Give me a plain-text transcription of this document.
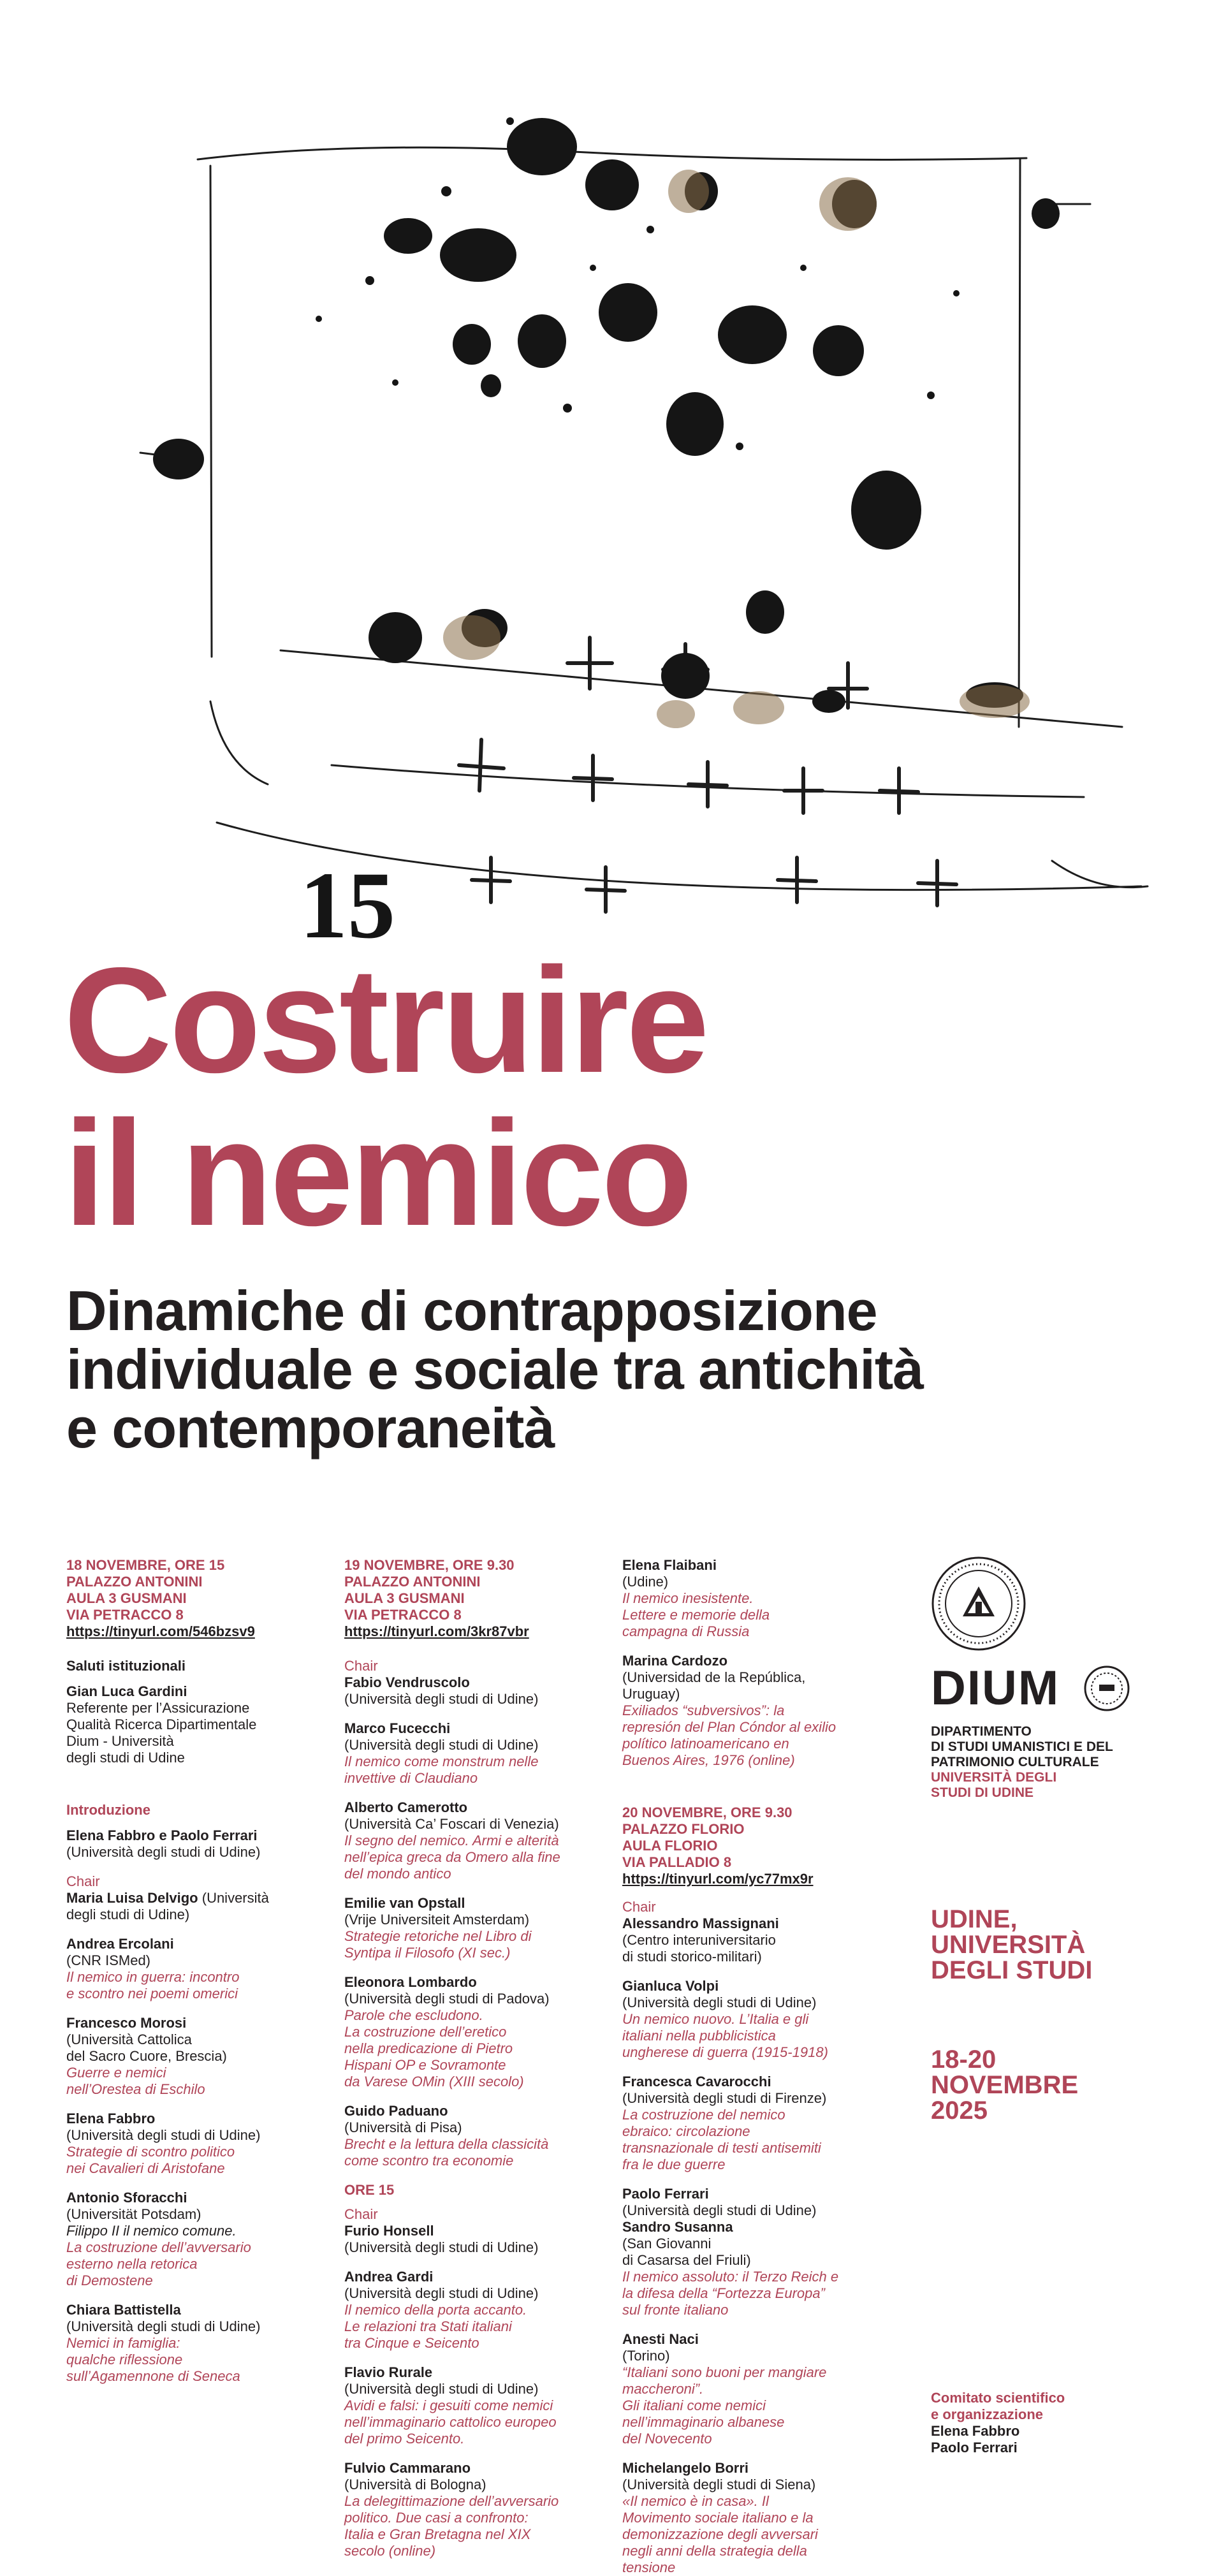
15
Costruire
il nemico
Dinamiche di contrapposizione
individuale e sociale tra antichità
e contemporaneità
18 NOVEMBRE, ORE 15
PALAZZO ANTONINI
AULA 3 GUSMANI
VIA PETRACCO 8
https://tinyurl.com/546bzsv9
Saluti istituzionali
Gian Luca Gardini
Referente per l’Assicurazione
Qualità Ricerca Dipartimentale
Dium - Università
degli studi di Udine
Introduzione
Elena Fabbro e Paolo Ferrari
(Università degli studi di Udine)
Chair
Maria Luisa Delvigo (Università
degli studi di Udine)
Andrea Ercolani
(CNR ISMed)
Il nemico in guerra: incontro
e scontro nei poemi omerici
Francesco Morosi
(Università Cattolica
del Sacro Cuore, Brescia)
Guerre e nemici
nell’Orestea di Eschilo
Elena Fabbro
(Università degli studi di Udine)
Strategie di scontro politico
nei Cavalieri di Aristofane
Antonio Sforacchi
(Universität Potsdam)
Filippo II il nemico comune.
La costruzione dell’avversario
esterno nella retorica
di Demostene
Chiara Battistella
(Università degli studi di Udine)
Nemici in famiglia:
qualche riflessione
sull’Agamennone di Seneca
19 NOVEMBRE, ORE 9.30
PALAZZO ANTONINI
AULA 3 GUSMANI
VIA PETRACCO 8
https://tinyurl.com/3kr87vbr
Chair
Fabio Vendruscolo
(Università degli studi di Udine)
Marco Fucecchi
(Università degli studi di Udine)
Il nemico come monstrum nelle
invettive di Claudiano
Alberto Camerotto
(Università Ca’ Foscari di Venezia)
Il segno del nemico. Armi e alterità
nell’epica greca da Omero alla fine
del mondo antico
Emilie van Opstall
(Vrije Universiteit Amsterdam)
Strategie retoriche nel Libro di
Syntipa il Filosofo (XI sec.)
Eleonora Lombardo
(Università degli studi di Padova)
Parole che escludono.
La costruzione dell’eretico
nella predicazione di Pietro
Hispani OP e Sovramonte
da Varese OMin (XIII secolo)
Guido Paduano
(Università di Pisa)
Brecht e la lettura della classicità
come scontro tra economie
ORE 15
Chair
Furio Honsell
(Università degli studi di Udine)
Andrea Gardi
(Università degli studi di Udine)
Il nemico della porta accanto.
Le relazioni tra Stati italiani
tra Cinque e Seicento
Flavio Rurale
(Università degli studi di Udine)
Avidi e falsi: i gesuiti come nemici
nell’immaginario cattolico europeo
del primo Seicento.
Fulvio Cammarano
(Università di Bologna)
La delegittimazione dell’avversario
politico. Due casi a confronto:
Italia e Gran Bretagna nel XIX
secolo (online)
Elena Flaibani
(Udine)
Il nemico inesistente.
Lettere e memorie della
campagna di Russia
Marina Cardozo
(Universidad de la República,
Uruguay)
Exiliados “subversivos”: la
represión del Plan Cóndor al exilio
político latinoamericano en
Buenos Aires, 1976 (online)
20 NOVEMBRE, ORE 9.30
PALAZZO FLORIO
AULA FLORIO
VIA PALLADIO 8
https://tinyurl.com/yc77mx9r
Chair
Alessandro Massignani
(Centro interuniversitario
di studi storico-militari)
Gianluca Volpi
(Università degli studi di Udine)
Un nemico nuovo. L’Italia e gli
italiani nella pubblicistica
ungherese di guerra (1915-1918)
Francesca Cavarocchi
(Università degli studi di Firenze)
La costruzione del nemico
ebraico: circolazione
transnazionale di testi antisemiti
fra le due guerre
Paolo Ferrari
(Università degli studi di Udine)
Sandro Susanna
(San Giovanni
di Casarsa del Friuli)
Il nemico assoluto: il Terzo Reich e
la difesa della “Fortezza Europa”
sul fronte italiano
Anesti Naci
(Torino)
“Italiani sono buoni per mangiare
maccheroni”.
Gli italiani come nemici
nell’immaginario albanese
del Novecento
Michelangelo Borri
(Università degli studi di Siena)
«Il nemico è in casa». Il
Movimento sociale italiano e la
demonizzazione degli avversari
negli anni della strategia della
tensione
DIUM
DIPARTIMENTO
DI STUDI UMANISTICI E DEL
PATRIMONIO CULTURALE
UNIVERSITÀ DEGLI
STUDI DI UDINE
UDINE,
UNIVERSITÀ
DEGLI STUDI
18-20
NOVEMBRE
2025
Comitato scientifico
e organizzazione
Elena Fabbro
Paolo Ferrari
